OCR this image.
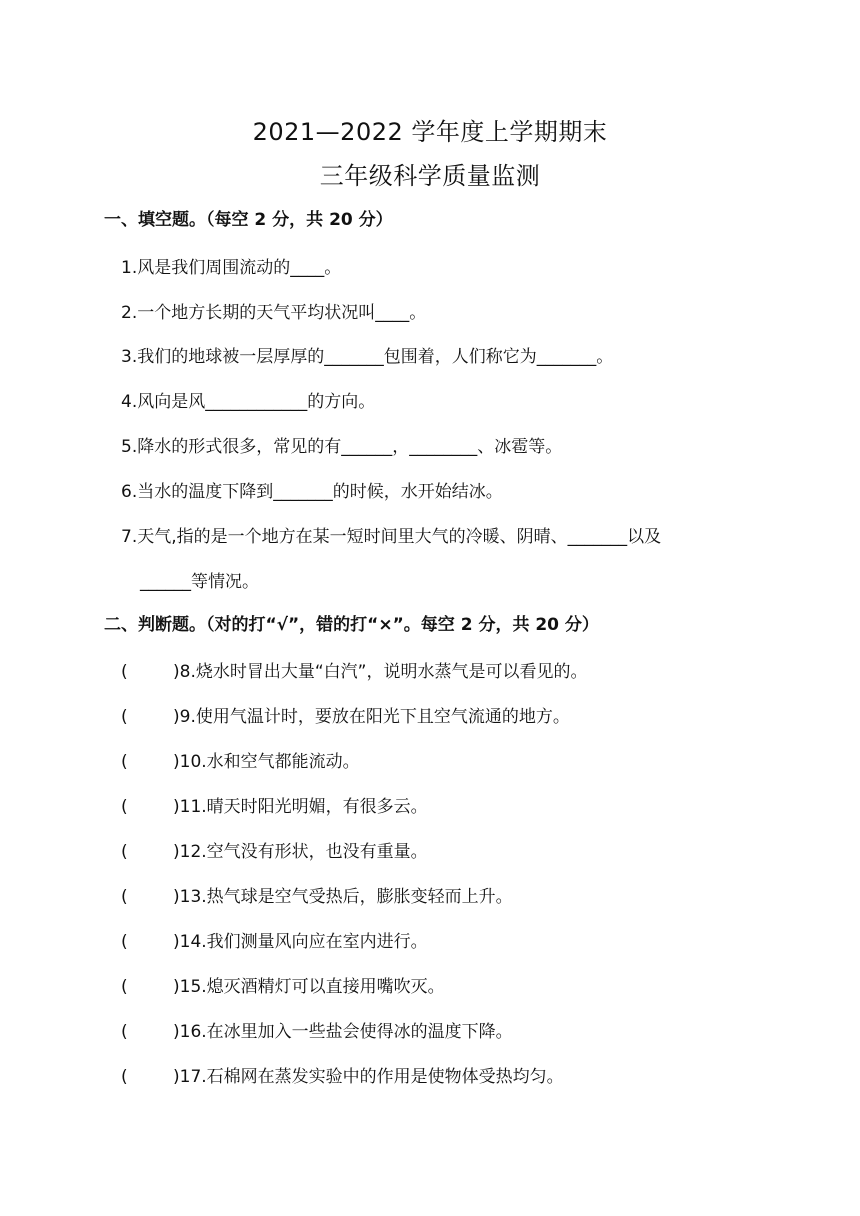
2021—2022 学年度上学期期末
三年级科学质量监测
一、填空题。（每空 2 分，共 20 分）
1.风是我们周围流动的____。
2.一个地方长期的天气平均状况叫____。
3.我们的地球被一层厚厚的_______包围着，人们称它为_______。
4.风向是风____________的方向。
5.降水的形式很多，常见的有______，________、冰雹等。
6.当水的温度下降到_______的时候，水开始结冰。
7.天气,指的是一个地方在某一短时间里大气的冷暖、阴晴、_______以及
______等情况。
二、判断题。（对的打“√”，错的打“×”。每空 2 分，共 20 分）
(	)8.烧水时冒出大量“白汽”，说明水蒸气是可以看见的。
(	)9.使用气温计时，要放在阳光下且空气流通的地方。
(	)10.水和空气都能流动。
(	)11.晴天时阳光明媚，有很多云。
(	)12.空气没有形状，也没有重量。
(	)13.热气球是空气受热后，膨胀变轻而上升。
(	)14.我们测量风向应在室内进行。
(	)15.熄灭酒精灯可以直接用嘴吹灭。
(	)16.在冰里加入一些盐会使得冰的温度下降。
(	)17.石棉网在蒸发实验中的作用是使物体受热均匀。
